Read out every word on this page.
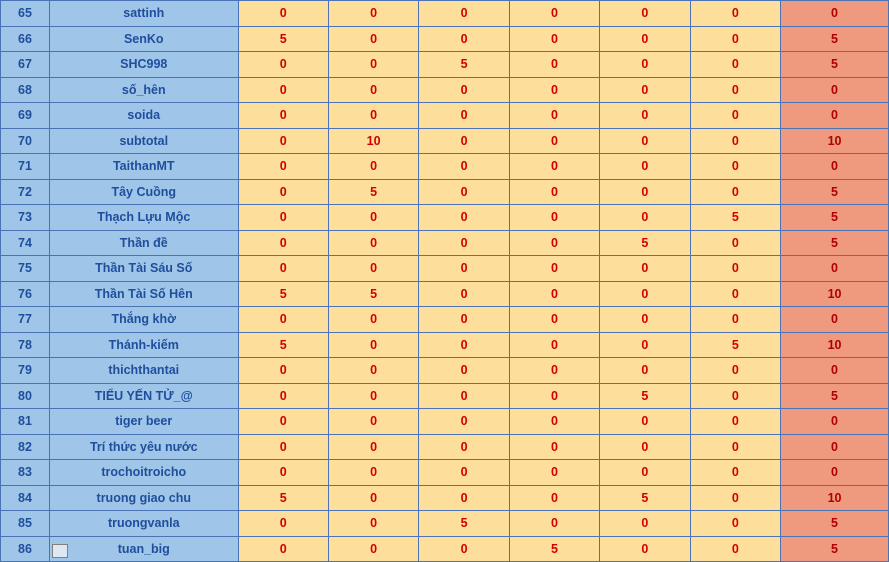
65	sattinh	0	0	0	0	0	0	0
66	SenKo	5	0	0	0	0	0	5
67	SHC998	0	0	5	0	0	0	5
68	số_hên	0	0	0	0	0	0	0
69	soida	0	0	0	0	0	0	0
70	subtotal	0	10	0	0	0	0	10
71	TaithanMT	0	0	0	0	0	0	0
72	Tây Cuồng	0	5	0	0	0	0	5
73	Thạch Lựu Mộc	0	0	0	0	0	5	5
74	Thần đề	0	0	0	0	5	0	5
75	Thần Tài Sáu Số	0	0	0	0	0	0	0
76	Thần Tài Số Hên	5	5	0	0	0	0	10
77	Thắng khờ	0	0	0	0	0	0	0
78	Thánh-kiếm	5	0	0	0	0	5	10
79	thichthantai	0	0	0	0	0	0	0
80	TIỂU YẾN TỬ_@	0	0	0	0	5	0	5
81	tiger beer	0	0	0	0	0	0	0
82	Trí thức yêu nước	0	0	0	0	0	0	0
83	trochoitroicho	0	0	0	0	0	0	0
84	truong giao chu	5	0	0	0	5	0	10
85	truongvanla	0	0	5	0	0	0	5
86	tuan_big	0	0	0	5	0	0	5
